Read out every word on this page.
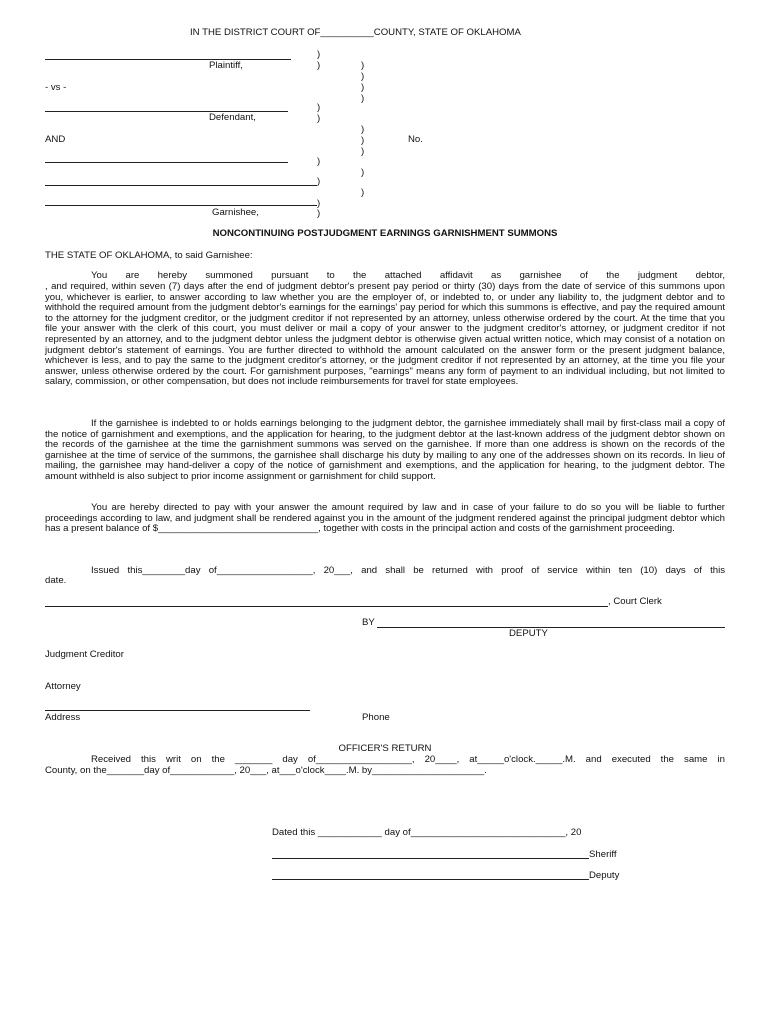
IN THE DISTRICT COURT OF__________COUNTY, STATE OF OKLAHOMA
Plaintiff,
- vs -
Defendant,
AND	No.
Garnishee,
)
)	)
)
)
)
)
)
)
)
)
)
)
)
)
)
)
NONCONTINUING POSTJUDGMENT EARNINGS GARNISHMENT SUMMONS
THE STATE OF OKLAHOMA, to said Garnishee:
You are hereby summoned pursuant to the attached affidavit as garnishee of the judgment debtor,

, and required, within seven (7) days after the end of judgment debtor's present pay period or thirty (30) days from the date of service of this summons upon you, whichever is earlier, to answer according to law whether you are the employer of, or indebted to, or under any liability to, the judgment debtor and to withhold the required amount from the judgment debtor's earnings for the earnings' pay period for which this summons is effective, and pay the required amount to the attorney for the judgment creditor, or the judgment creditor if not represented by an attorney, unless otherwise ordered by the court. At the time that you file your answer with the clerk of this court, you must deliver or mail a copy of your answer to the judgment creditor's attorney, or judgment creditor if not represented by an attorney, and to the judgment debtor unless the judgment debtor is otherwise given actual written notice, which may consist of a notation on judgment debtor's statement of earnings. You are further directed to withhold the amount calculated on the answer form or the present judgment balance, whichever is less, and to pay the same to the judgment creditor's attorney, or the judgment creditor if not represented by an attorney, at the time you file your answer, unless otherwise ordered by the court. For garnishment purposes, "earnings" means any form of payment to an individual including, but not limited to salary, commission, or other compensation, but does not include reimbursements for travel for state employees.

If the garnishee is indebted to or holds earnings belonging to the judgment debtor, the garnishee immediately shall mail by first-class mail a copy of the notice of garnishment and exemptions, and the application for hearing, to the judgment debtor at the last-known address of the judgment debtor shown on the records of the garnishee at the time the garnishment summons was served on the garnishee. If more than one address is shown on the records of the garnishee at the time of service of the summons, the garnishee shall discharge his duty by mailing to any one of the addresses shown on its records. In lieu of mailing, the garnishee may hand-deliver a copy of the notice of garnishment and exemptions, and the application for hearing, to the judgment debtor. The amount withheld is also subject to prior income assignment or garnishment for child support.

You are hereby directed to pay with your answer the amount required by law and in case of your failure to do so you will be liable to further proceedings according to law, and judgment shall be rendered against you in the amount of the judgment rendered against the principal judgment debtor which has a present balance of $______________________________, together with costs in the principal action and costs of the garnishment proceeding.

Issued this________day of__________________, 20___, and shall be returned with proof of service within ten (10) days of this
date.
, Court Clerk
BY
DEPUTY
Judgment Creditor
Attorney
Address	Phone
OFFICER'S RETURN
Received this writ on the _______ day of__________________, 20____, at_____o'clock._____.M. and executed the same in
County, on the_______day of____________, 20___, at___o'clock____.M. by_____________________.
Dated this ____________ day of_____________________________, 20
Sheriff
Deputy
